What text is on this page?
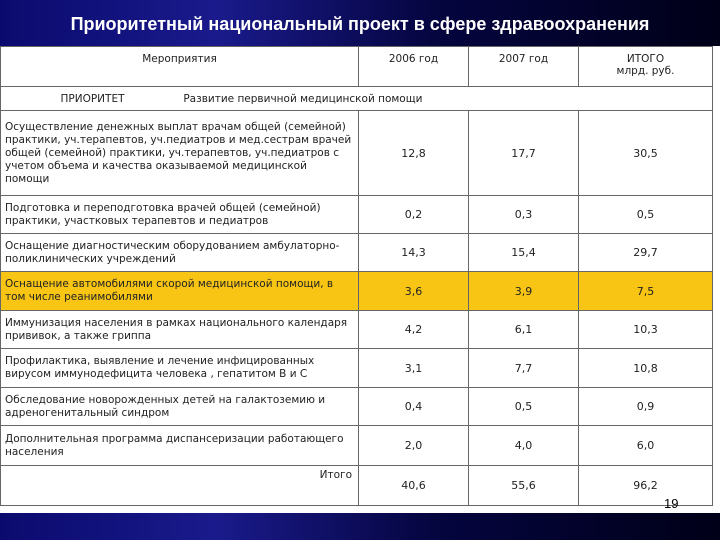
Приоритетный национальный проект в сфере здравоохранения
Мероприятия	2006 год	2007 год	ИТОГО
млрд. руб.
ПРИОРИТЕТ Развитие первичной медицинской помощи			
Осуществление денежных выплат врачам общей (семейной) практики, уч.терапевтов, уч.педиатров и мед.сестрам врачей общей (семейной) практики, уч.терапевтов, уч.педиатров с учетом объема и качества оказываемой медицинской помощи	12,8	17,7	30,5
Подготовка и переподготовка врачей общей (семейной) практики, участковых терапевтов и педиатров	0,2	0,3	0,5
Оснащение диагностическим оборудованием амбулаторно-поликлинических учреждений	14,3	15,4	29,7
Оснащение автомобилями скорой медицинской помощи, в том числе реанимобилями	3,6	3,9	7,5
Иммунизация населения в рамках национального календаря прививок, а также гриппа	4,2	6,1	10,3
Профилактика, выявление и лечение инфицированных вирусом иммунодефицита человека , гепатитом В и С	3,1	7,7	10,8
Обследование новорожденных детей на галактоземию и адреногенитальный синдром	0,4	0,5	0,9
Дополнительная программа диспансеризации работающего населения	2,0	4,0	6,0
Итого	40,6	55,6	96,2
19
